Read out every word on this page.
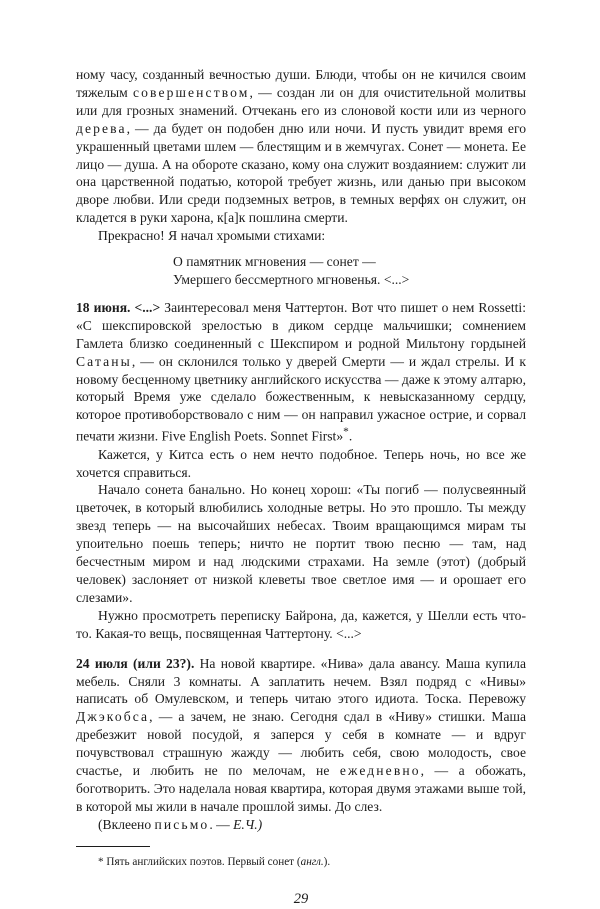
ному часу, созданный вечностью души. Блюди, чтобы он не кичился своим тяжелым совершенством, — создан ли он для очистительной молитвы или для грозных знамений. Отчекань его из слоновой кости или из черного дерева, — да будет он подобен дню или ночи. И пусть увидит время его украшенный цветами шлем — блестящим и в жемчугах. Сонет — монета. Ее лицо — душа. А на обороте сказано, кому она служит воздаянием: служит ли она царственной податью, которой требует жизнь, или данью при высоком дворе любви. Или среди подземных ветров, в темных верфях он служит, он кладется в руки харона, к[а]к пошлина смерти.

Прекрасно! Я начал хромыми стихами:

О памятник мгновения — сонет —
Умершего бессмертного мгновенья. <...>

18 июня. <...> Заинтересовал меня Чаттертон. Вот что пишет о нем Rossetti: «С шекспировской зрелостью в диком сердце мальчишки; сомнением Гамлета близко соединенный с Шекспиром и родной Мильтону гордыней Сатаны, — он склонился только у дверей Смерти — и ждал стрелы. И к новому бесценному цветнику английского искусства — даже к этому алтарю, который Время уже сделало божественным, к невысказанному сердцу, которое противоборствовало с ним — он направил ужасное острие, и сорвал печати жизни. Five English Poets. Sonnet First»*.

Кажется, у Китса есть о нем нечто подобное. Теперь ночь, но все же хочется справиться.

Начало сонета банально. Но конец хорош: «Ты погиб — полусвеянный цветочек, в который влюбились холодные ветры. Но это прошло. Ты между звезд теперь — на высочайших небесах. Твоим вращающимся мирам ты упоительно поешь теперь; ничто не портит твою песню — там, над бесчестным миром и над людскими страхами. На земле (этот) (добрый человек) заслоняет от низкой клеветы твое светлое имя — и орошает его слезами».

Нужно просмотреть переписку Байрона, да, кажется, у Шелли есть что-то. Какая-то вещь, посвященная Чаттертону. <...>

24 июля (или 23?). На новой квартире. «Нива» дала авансу. Маша купила мебель. Сняли 3 комнаты. А заплатить нечем. Взял подряд с «Нивы» написать об Омулевском, и теперь читаю этого идиота. Тоска. Перевожу Джэкобса, — а зачем, не знаю. Сегодня сдал в «Ниву» стишки. Маша дребезжит новой посудой, я заперся у себя в комнате — и вдруг почувствовал страшную жажду — любить себя, свою молодость, свое счастье, и любить не по мелочам, не ежедневно, — а обожать, боготворить. Это наделала новая квартира, которая двумя этажами выше той, в которой мы жили в начале прошлой зимы. До слез.

(Вклеено письмо. — Е.Ч.)

* Пять английских поэтов. Первый сонет (англ.).

29
